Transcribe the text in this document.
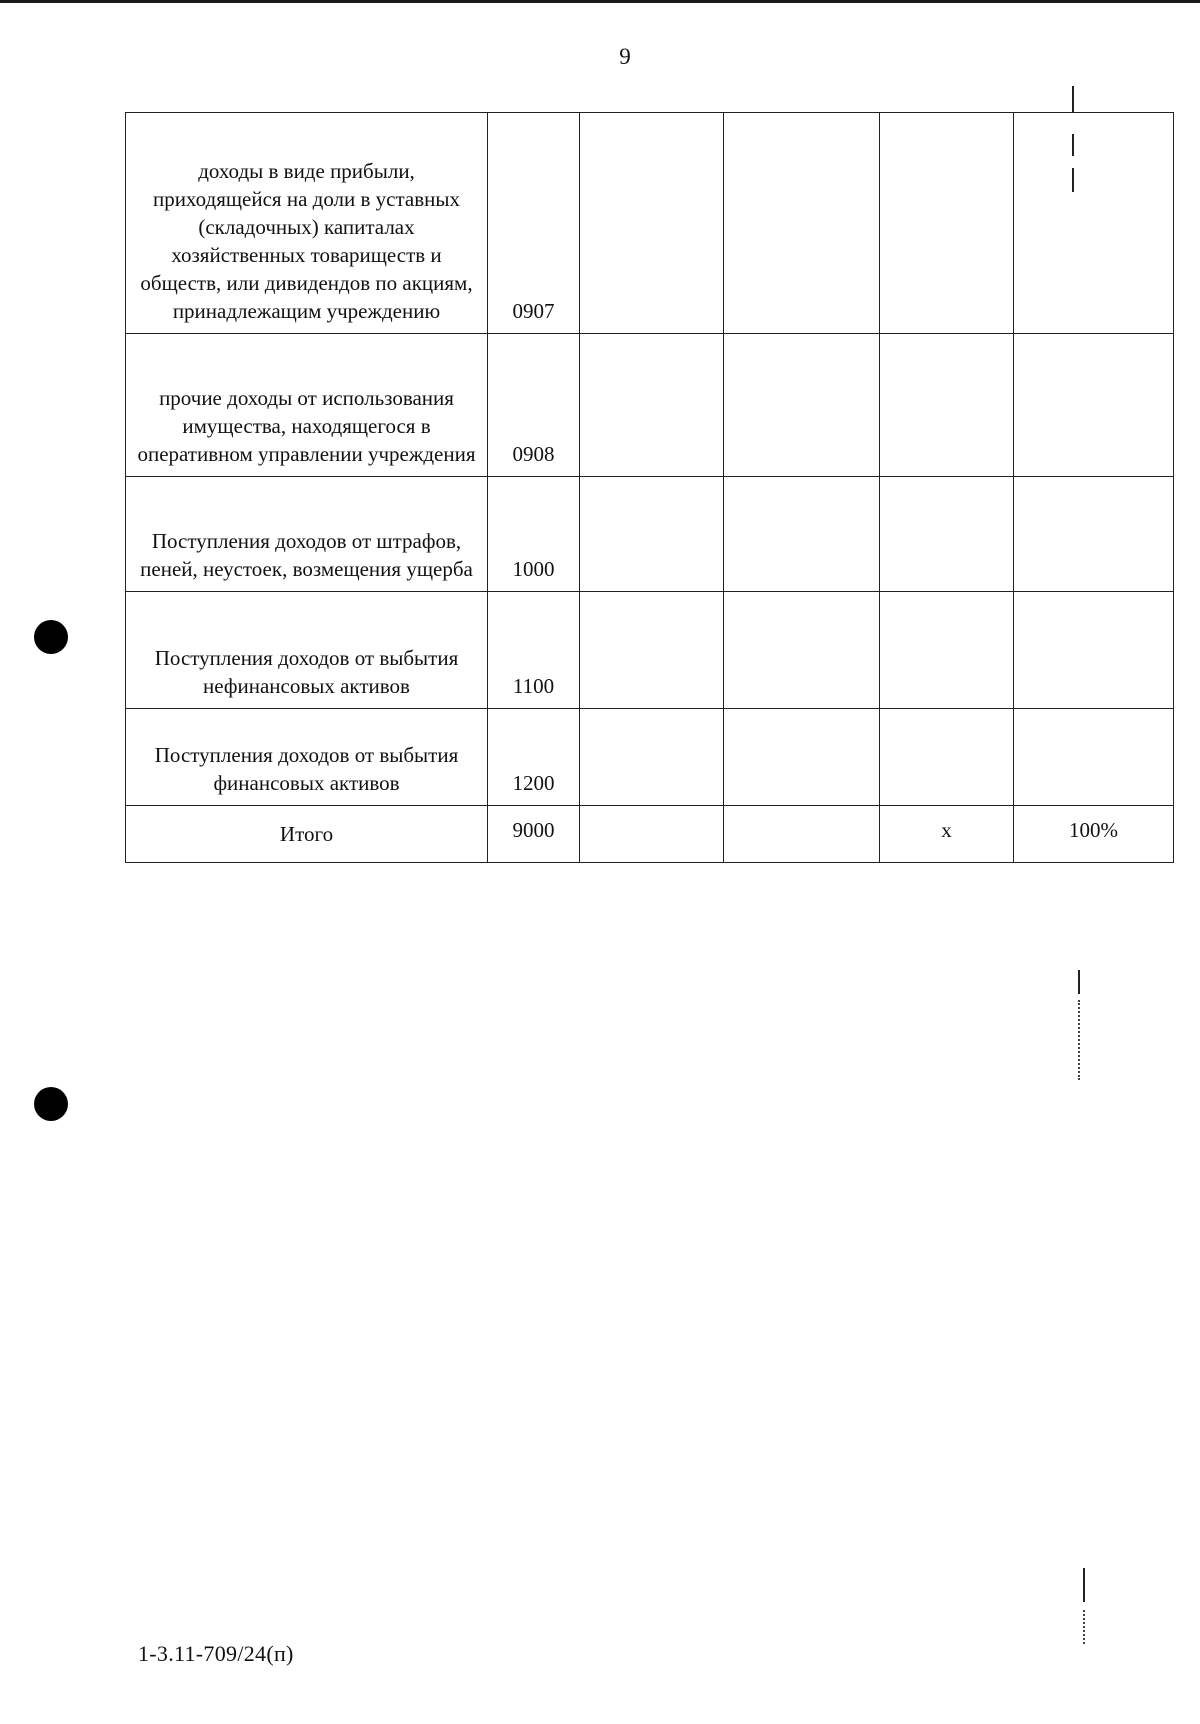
9
доходы в виде прибыли, приходящейся на доли в уставных (складочных) капиталах хозяйственных товариществ и обществ, или дивидендов по акциям, принадлежащим учреждению	0907				
прочие доходы от использования имущества, находящегося в оперативном управлении учреждения	0908				
Поступления доходов от штрафов, пеней, неустоек, возмещения ущерба	1000				
Поступления доходов от выбытия нефинансовых активов	1100				
Поступления доходов от выбытия финансовых активов	1200				
Итого	9000			х	100%
1-3.11-709/24(п)
